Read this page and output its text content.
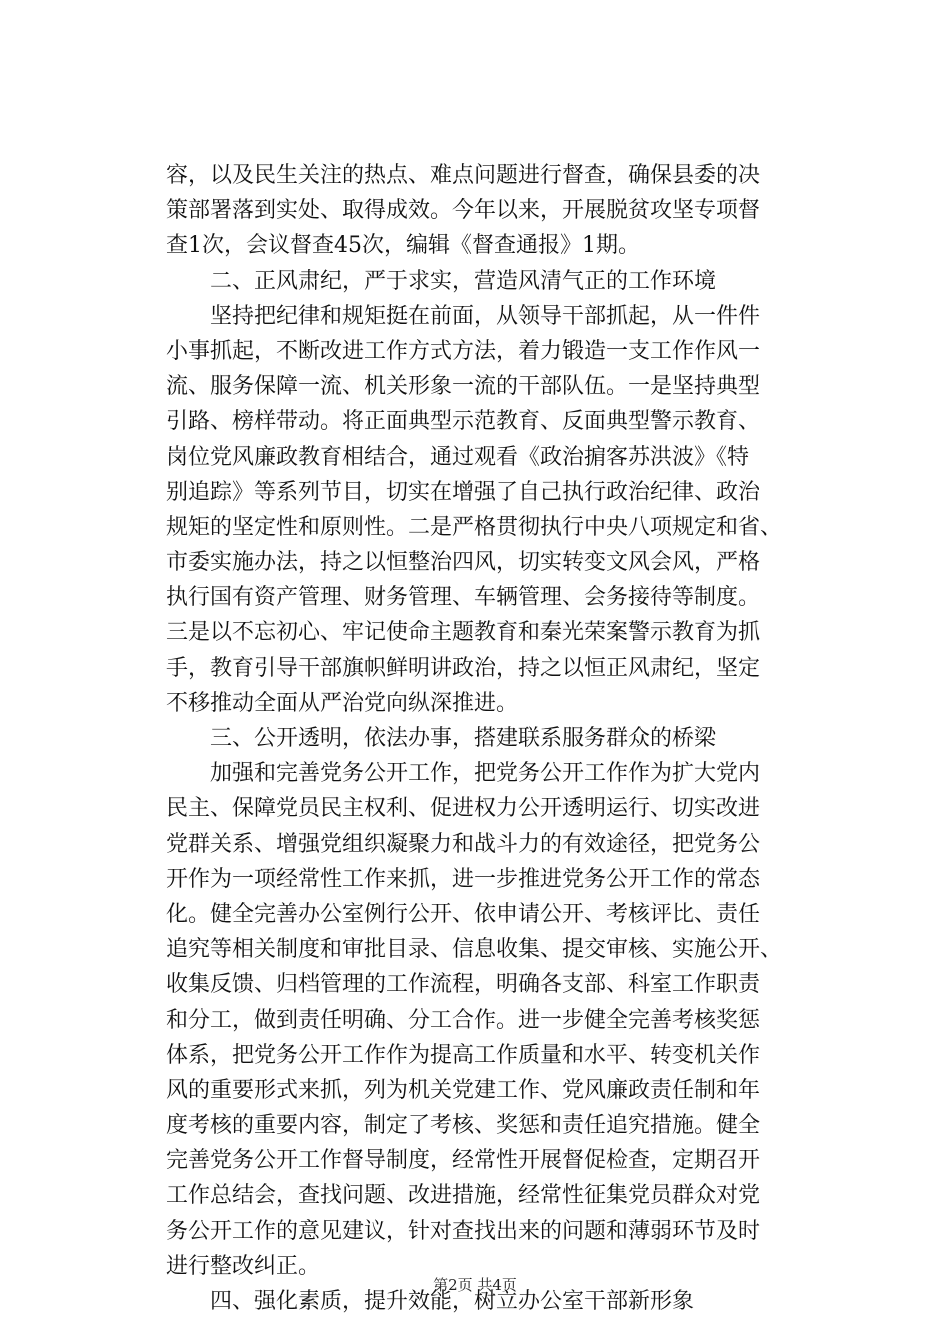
容，以及民生关注的热点、难点问题进行督查，确保县委的决
策部署落到实处、取得成效。今年以来，开展脱贫攻坚专项督
查1次，会议督查45次，编辑《督查通报》1期。
二、正风肃纪，严于求实，营造风清气正的工作环境
坚持把纪律和规矩挺在前面，从领导干部抓起，从一件件
小事抓起，不断改进工作方式方法，着力锻造一支工作作风一
流、服务保障一流、机关形象一流的干部队伍。一是坚持典型
引路、榜样带动。将正面典型示范教育、反面典型警示教育、
岗位党风廉政教育相结合，通过观看《政治掮客苏洪波》《特
别追踪》等系列节目，切实在增强了自己执行政治纪律、政治
规矩的坚定性和原则性。二是严格贯彻执行中央八项规定和省、
市委实施办法，持之以恒整治四风，切实转变文风会风，严格
执行国有资产管理、财务管理、车辆管理、会务接待等制度。
三是以不忘初心、牢记使命主题教育和秦光荣案警示教育为抓
手，教育引导干部旗帜鲜明讲政治，持之以恒正风肃纪，坚定
不移推动全面从严治党向纵深推进。
三、公开透明，依法办事，搭建联系服务群众的桥梁
加强和完善党务公开工作，把党务公开工作作为扩大党内
民主、保障党员民主权利、促进权力公开透明运行、切实改进
党群关系、增强党组织凝聚力和战斗力的有效途径，把党务公
开作为一项经常性工作来抓，进一步推进党务公开工作的常态
化。健全完善办公室例行公开、依申请公开、考核评比、责任
追究等相关制度和审批目录、信息收集、提交审核、实施公开、
收集反馈、归档管理的工作流程，明确各支部、科室工作职责
和分工，做到责任明确、分工合作。进一步健全完善考核奖惩
体系，把党务公开工作作为提高工作质量和水平、转变机关作
风的重要形式来抓，列为机关党建工作、党风廉政责任制和年
度考核的重要内容，制定了考核、奖惩和责任追究措施。健全
完善党务公开工作督导制度，经常性开展督促检查，定期召开
工作总结会，查找问题、改进措施，经常性征集党员群众对党
务公开工作的意见建议，针对查找出来的问题和薄弱环节及时
进行整改纠正。
四、强化素质，提升效能，树立办公室干部新形象
第2页 共4页
